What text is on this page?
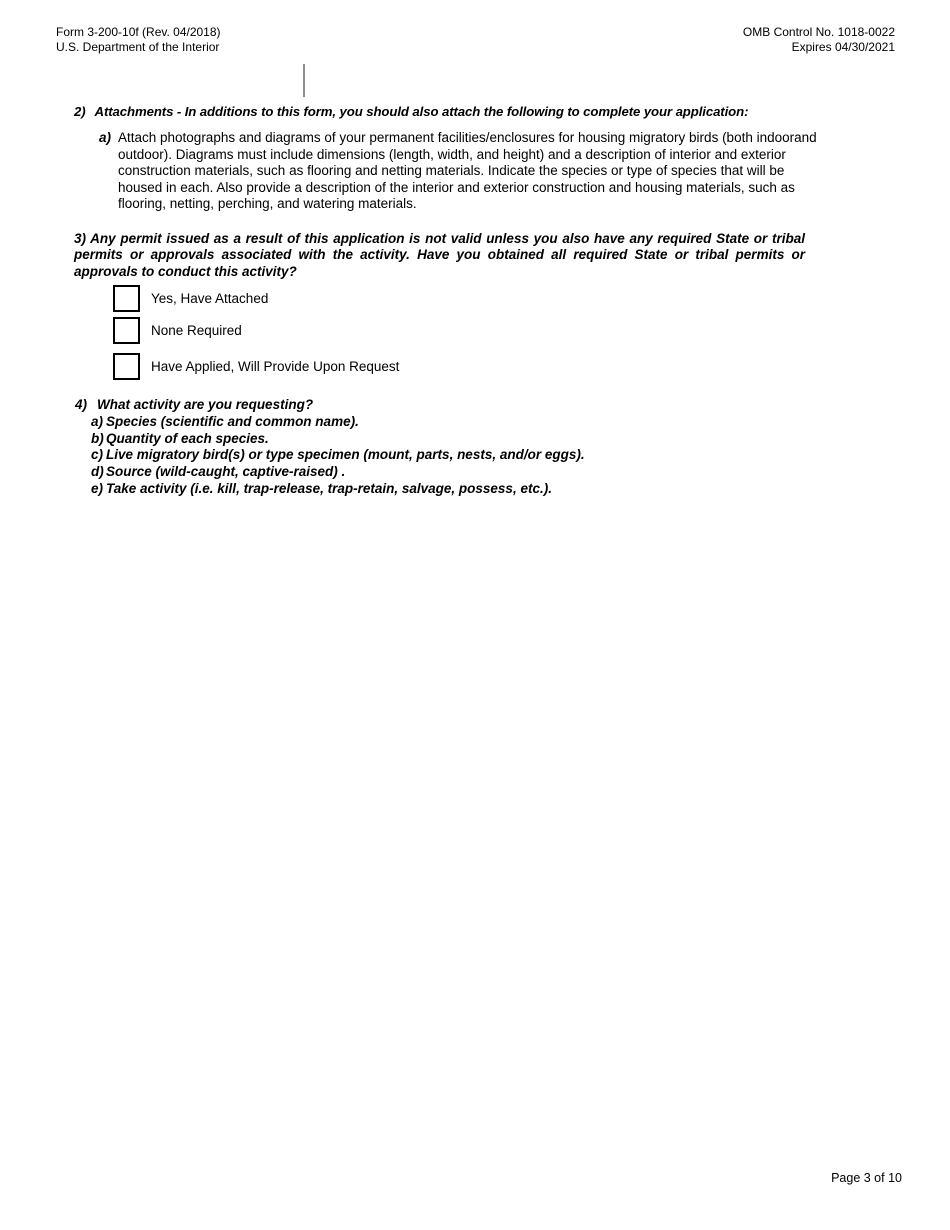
Form 3-200-10f (Rev. 04/2018)
U.S. Department of the Interior
OMB Control No. 1018-0022
Expires 04/30/2021
2) Attachments - In additions to this form, you should also attach the following to complete your application:
a) Attach photographs and diagrams of your permanent facilities/enclosures for housing migratory birds (both indoorand outdoor). Diagrams must include dimensions (length, width, and height) and a description of interior and exterior construction materials, such as flooring and netting materials. Indicate the species or type of species that will be housed in each. Also provide a description of the interior and exterior construction and housing materials, such as flooring, netting, perching, and watering materials.
3) Any permit issued as a result of this application is not valid unless you also have any required State or tribal permits or approvals associated with the activity. Have you obtained all required State or tribal permits or approvals to conduct this activity?
Yes, Have Attached
None Required
Have Applied, Will Provide Upon Request
4) What activity are you requesting?
a) Species (scientific and common name).
b) Quantity of each species.
c) Live migratory bird(s) or type specimen (mount, parts, nests, and/or eggs).
d) Source (wild-caught, captive-raised) .
e) Take activity (i.e. kill, trap-release, trap-retain, salvage, possess, etc.).
Page 3 of 10
